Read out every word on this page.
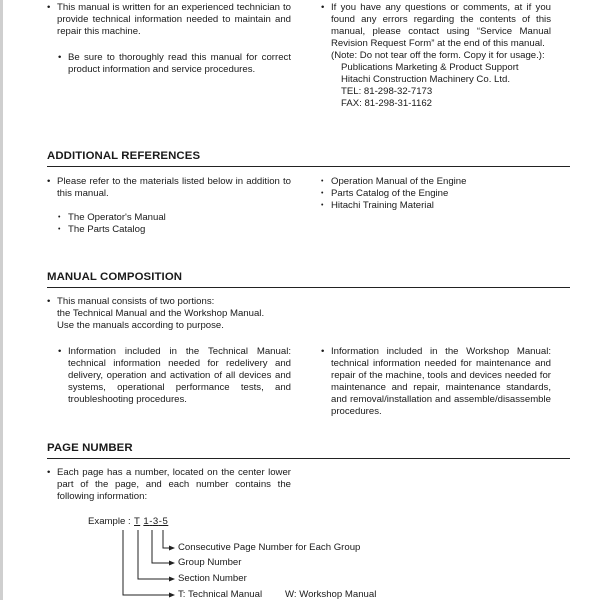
• This manual is written for an experienced technician to provide technical information needed to maintain and repair this machine.
• Be sure to thoroughly read this manual for correct product information and service procedures.
• If you have any questions or comments, at if you found any errors regarding the contents of this manual, please contact using “Service Manual Revision Request Form” at the end of this manual.
(Note: Do not tear off the form. Copy it for usage.):
Publications Marketing & Product Support
Hitachi Construction Machinery Co. Ltd.
TEL: 81-298-32-7173
FAX: 81-298-31-1162
ADDITIONAL REFERENCES
• Please refer to the materials listed below in addition to this manual.
• The Operator's Manual
• The Parts Catalog
• Operation Manual of the Engine
• Parts Catalog of the Engine
• Hitachi Training Material
MANUAL COMPOSITION
• This manual consists of two portions:
the Technical Manual and the Workshop Manual.
Use the manuals according to purpose.
• Information included in the Technical Manual: technical information needed for redelivery and delivery, operation and activation of all devices and systems, operational performance tests, and troubleshooting procedures.
• Information included in the Workshop Manual: technical information needed for maintenance and repair of the machine, tools and devices needed for maintenance and repair, maintenance standards, and removal/installation and assemble/disassemble procedures.
PAGE NUMBER
• Each page has a number, located on the center lower part of the page, and each number contains the following information:
Example : T 1-3-5
Consecutive Page Number for Each Group
Group Number
Section Number
T: Technical Manual W: Workshop Manual
